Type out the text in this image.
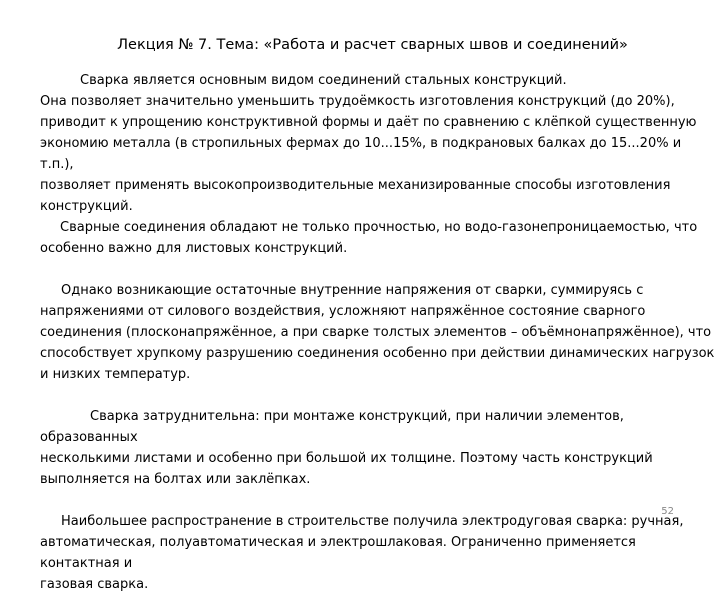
Лекция № 7. Тема: «Работа и расчет сварных швов и соединений»

Сварка является основным видом соединений стальных конструкций.
Она позволяет значительно уменьшить трудоёмкость изготовления конструкций (до 20%),
приводит к упрощению конструктивной формы и даёт по сравнению с клёпкой существенную
экономию металла (в стропильных фермах до 10...15%, в подкрановых балках до 15...20% и т.п.),
позволяет применять высокопроизводительные механизированные способы изготовления
конструкций.

Сварные соединения обладают не только прочностью, но водо-газонепроницаемостью, что
особенно важно для листовых конструкций.

Однако возникающие остаточные внутренние напряжения от сварки, суммируясь с
напряжениями от силового воздействия, усложняют напряжённое состояние сварного
соединения (плосконапряжённое, а при сварке толстых элементов – объёмнонапряжённое), что
способствует хрупкому разрушению соединения особенно при действии динамических нагрузок
и низких температур.

Сварка затруднительна: при монтаже конструкций, при наличии элементов, образованных
несколькими листами и особенно при большой их толщине. Поэтому часть конструкций
выполняется на болтах или заклёпках.

Наибольшее распространение в строительстве получила электродуговая сварка: ручная,
автоматическая, полуавтоматическая и электрошлаковая. Ограниченно применяется контактная и
газовая сварка.

52
